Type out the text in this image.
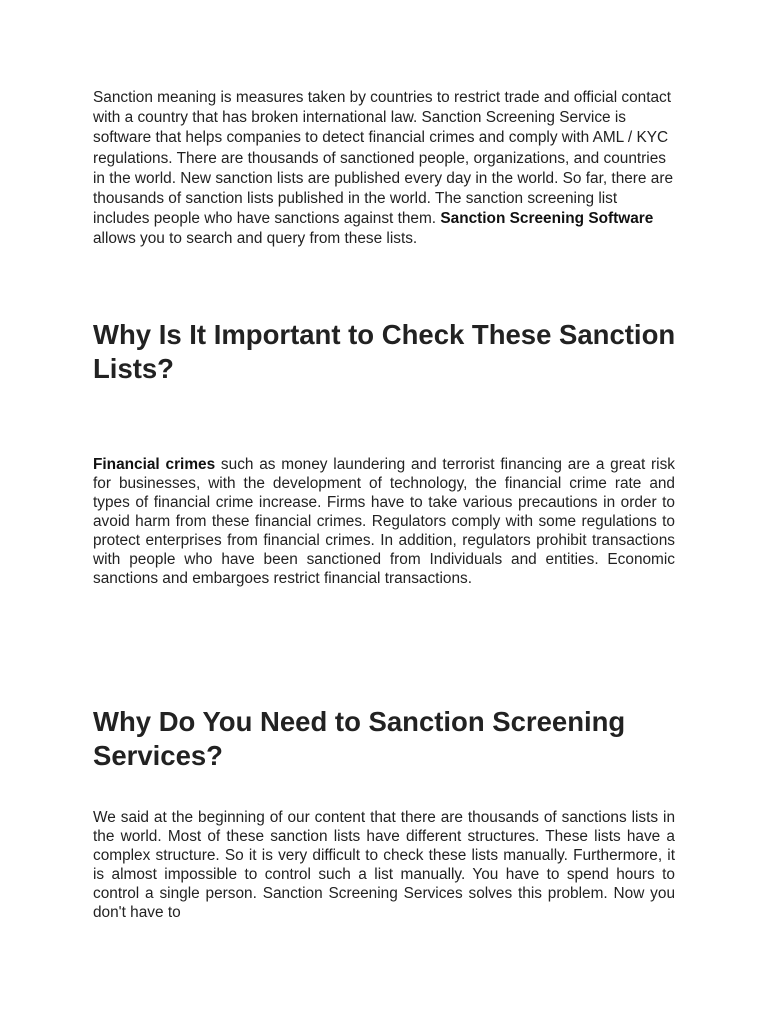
Sanction meaning is measures taken by countries to restrict trade and official contact with a country that has broken international law. Sanction Screening Service is software that helps companies to detect financial crimes and comply with AML / KYC regulations. There are thousands of sanctioned people, organizations, and countries in the world. New sanction lists are published every day in the world. So far, there are thousands of sanction lists published in the world. The sanction screening list includes people who have sanctions against them. Sanction Screening Software allows you to search and query from these lists.

Why Is It Important to Check These Sanction Lists?

Financial crimes such as money laundering and terrorist financing are a great risk for businesses, with the development of technology, the financial crime rate and types of financial crime increase. Firms have to take various precautions in order to avoid harm from these financial crimes. Regulators comply with some regulations to protect enterprises from financial crimes. In addition, regulators prohibit transactions with people who have been sanctioned from Individuals and entities. Economic sanctions and embargoes restrict financial transactions.

Why Do You Need to Sanction Screening Services?

We said at the beginning of our content that there are thousands of sanctions lists in the world. Most of these sanction lists have different structures. These lists have a complex structure. So it is very difficult to check these lists manually. Furthermore, it is almost impossible to control such a list manually. You have to spend hours to control a single person. Sanction Screening Services solves this problem. Now you don't have to
